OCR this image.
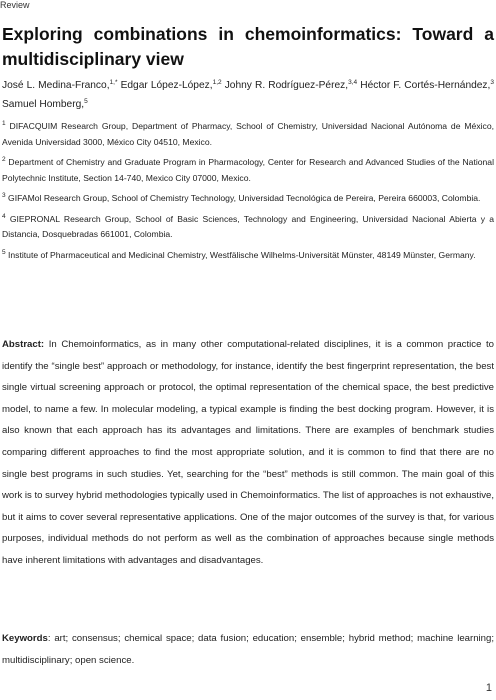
Review
Exploring combinations in chemoinformatics: Toward a multidisciplinary view
José L. Medina-Franco,$^{1,*}$ Edgar López-López,$^{1,2}$ Johny R. Rodríguez-Pérez,$^{3,4}$ Héctor F. Cortés-Hernández,$^3$ Samuel Homberg,$^5$

$^1$ DIFACQUIM Research Group, Department of Pharmacy, School of Chemistry, Universidad Nacional Autónoma de México, Avenida Universidad 3000, México City 04510, Mexico.

$^2$ Department of Chemistry and Graduate Program in Pharmacology, Center for Research and Advanced Studies of the National Polytechnic Institute, Section 14-740, Mexico City 07000, Mexico.

$^3$ GIFAMol Research Group, School of Chemistry Technology, Universidad Tecnológica de Pereira, Pereira 660003, Colombia.

$^4$ GIEPRONAL Research Group, School of Basic Sciences, Technology and Engineering, Universidad Nacional Abierta y a Distancia, Dosquebradas 661001, Colombia.

$^5$ Institute of Pharmaceutical and Medicinal Chemistry, Westfälische Wilhelms-Universität Münster, 48149 Münster, Germany.

Abstract: In Chemoinformatics, as in many other computational-related disciplines, it is a common practice to identify the “single best” approach or methodology, for instance, identify the best fingerprint representation, the best single virtual screening approach or protocol, the optimal representation of the chemical space, the best predictive model, to name a few. In molecular modeling, a typical example is finding the best docking program. However, it is also known that each approach has its advantages and limitations. There are examples of benchmark studies comparing different approaches to find the most appropriate solution, and it is common to find that there are no single best programs in such studies. Yet, searching for the “best” methods is still common. The main goal of this work is to survey hybrid methodologies typically used in Chemoinformatics. The list of approaches is not exhaustive, but it aims to cover several representative applications. One of the major outcomes of the survey is that, for various purposes, individual methods do not perform as well as the combination of approaches because single methods have inherent limitations with advantages and disadvantages.

Keywords: art; consensus; chemical space; data fusion; education; ensemble; hybrid method; machine learning; multidisciplinary; open science.

1
